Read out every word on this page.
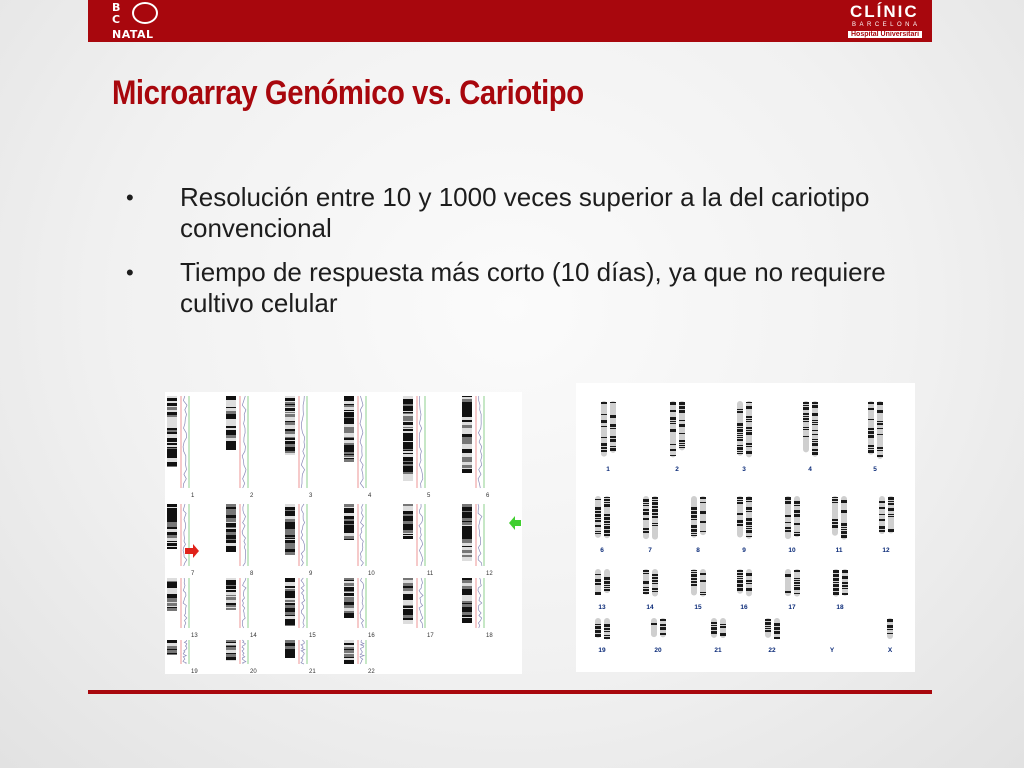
B
C
NATAL
CLÍNIC
BARCELONA
Hospital Universitari
Microarray Genómico vs. Cariotipo
•	Resolución entre 10 y 1000 veces superior a la del cariotipo convencional
•	Tiempo de respuesta más corto (10 días), ya que no requiere cultivo celular
1	2	3	4	5	6
7	8	9	10	11	12
13	14	15	16	17	18
19	20	21	22
1	2	3	4	5
6	7	8	9	10	11	12
13	14	15	16	17	18
19	20	21	22	Y	X
